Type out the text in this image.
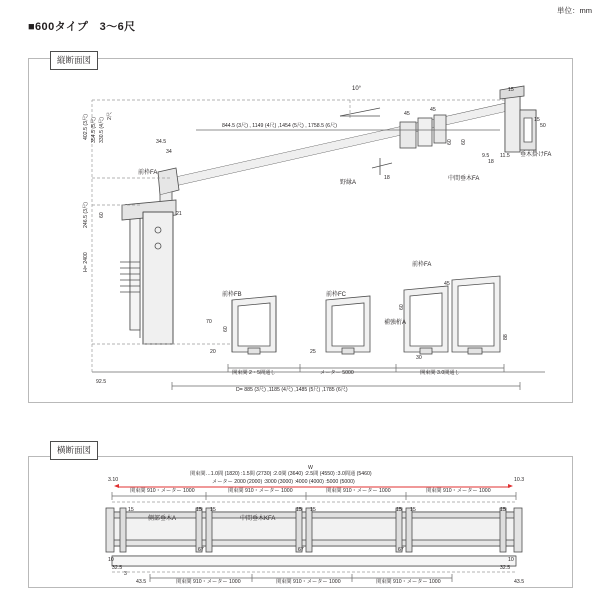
単位：mm
■600タイプ　3～6尺
縦断面図
横断面図
10°
844.5 (3尺) , 1149 (4尺) ,1454 (5尺) , 1758.5 (6尺)
402.5 (3尺) 354.5 (5尺) 330.5 (4尺)
2尺
246.5 (3尺) 60
H= 2400
92.5
前枠FA
野縁A
中間垂木FA
前枠FB	前枠FC
前枠FA
補強桁A
垂木掛けFA
34.5
34
45
45
15
15
60 60
50
21
18
70
60
20	25
88
60
45
30
18
9.5 11.5
開束間 2・5間通し	メーター 5000	開束間 3.0間通し
D= 885 (3尺) ,1185 (4尺) ,1485 (5尺) ,1785 (6尺)
W
関束間…1.0間 (1820) :1.5間 (2730) :2.0間 (3640) :2.5間 (4550) :3.0間通 (5460)
メーター 2000 (2000) :3000 (3000) :4000 (4000) :5000 (5000)
3.10	10.3
関束間 910・メーター 1000	関束間 910・メーター 1000	関束間 910・メーター 1000	関束間 910・メーター 1000
側部垂木A	中間垂木KFA
15	15 15	15 15	15 15	15
67	67	67
関束間 910・メーター 1000	関束間 910・メーター 1000	関束間 910・メーター 1000
43.5	43.5
32.5
10
3
10
32.5
